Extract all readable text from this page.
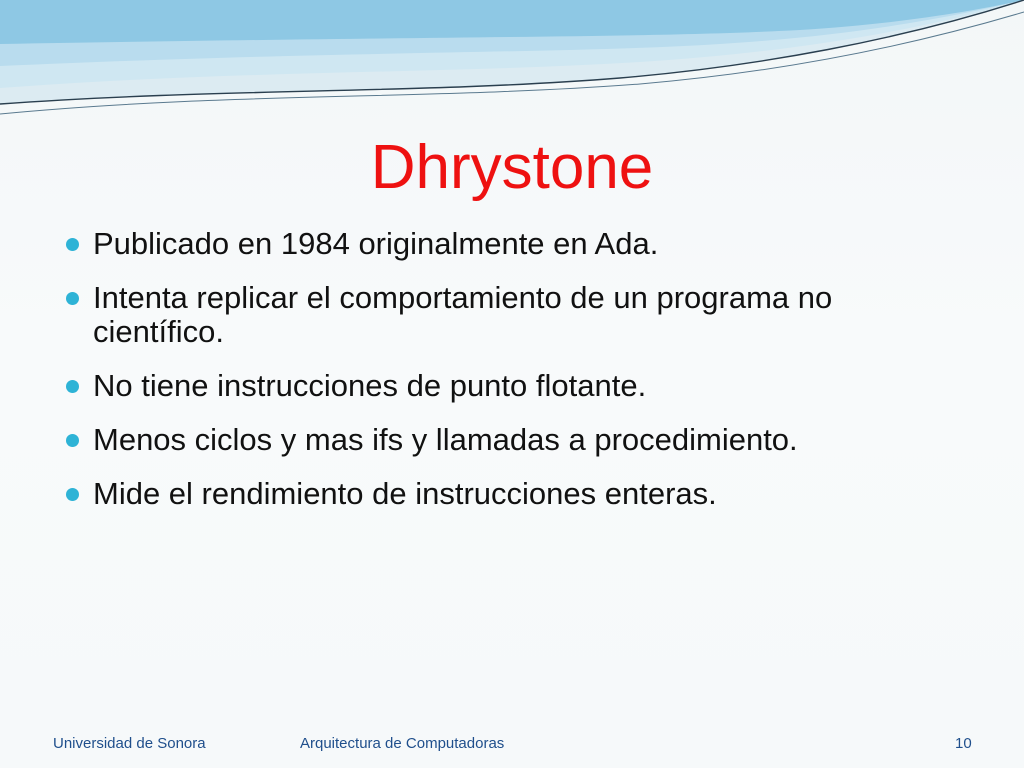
Dhrystone
Publicado en 1984 originalmente en Ada.
Intenta replicar el comportamiento de un programa no científico.
No tiene instrucciones de punto flotante.
Menos ciclos y mas ifs y llamadas a procedimiento.
Mide el rendimiento de instrucciones enteras.
Universidad de Sonora	Arquitectura de Computadoras	10
